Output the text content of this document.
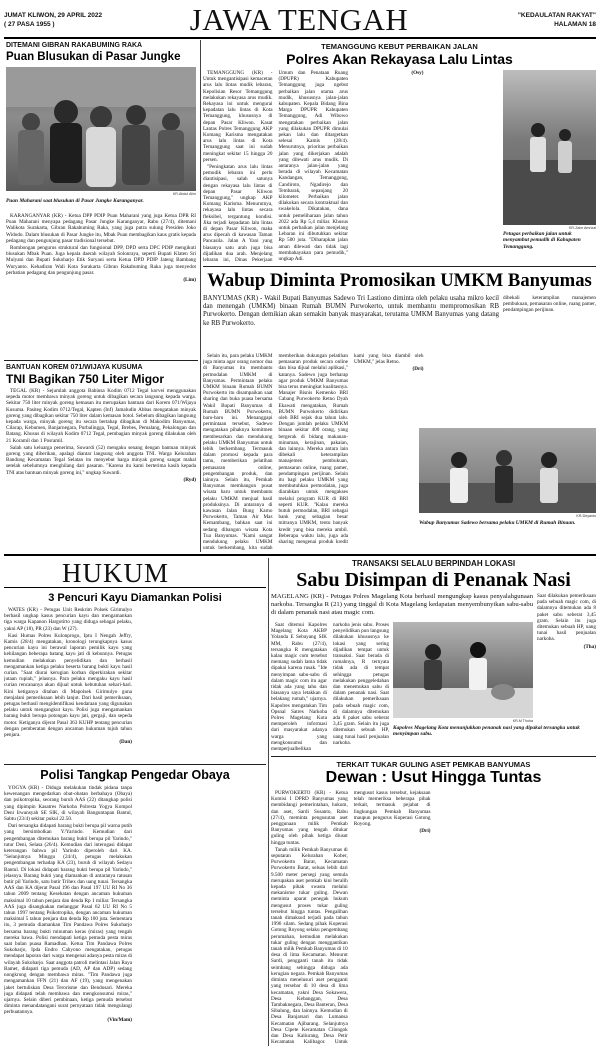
JUMAT KLIWON, 29 APRIL 2022
( 27 PASA 1955 )	JAWA TENGAH	"KEDAULATAN RAKYAT"
HALAMAN 18
DITEMANI GIBRAN RAKABUMING RAKA
Puan Blusukan di Pasar Jungke
KR-Abdul Alim
Puan Maharani saat blusukan di Pasar Jungke Karanganyar.

KARANGANYAR (KR) - Ketua DPP PDIP Puan Maharani yang juga Ketua DPR RI Puan Maharani menyapa pedagang Pasar Jungke Karanganyar, Rabu (27/4), ditemani Walikota Surakarta, Gibran Rakabuming Raka, yang juga putra sulung Presiden Joko Widodo. Dalam blusukan di Pasar Jungke itu, Mbak Puan membagikan kaus gratis kepada pedagang dan pengunjung pasar tradisional tersebut.

Rombongan pengurus struktural dan fungsional DPP, DPD serta DPC PDIP mengikuti blusukan Mbak Puan. Juga kepala daerah wilayah Solonraya, seperti Bupati Klaten Sri Mulyani dan Bupati Sukoharjo Etik Suryani serta Ketua DPD PDIP Jateng Bambang Wuryanto. Kehadiran Wali Kota Surakarta Gibran Rakabuming Raka juga menyedot perhatian pedagang dan pengunjung pasar.

(Lim)
BANTUAN KOREM 071/WIJAYA KUSUMA
TNI Bagikan 750 Liter Migor

TEGAL (KR) - Sejumlah anggota Babinsa Kodim 0712 Tegal korvei menggunakan sepeda motor membawa minyak goreng untuk dibagikan secara langsung kepada warga. Sekitar 750 liter minyak goreng kemasan itu merupakan bantuan dari Korem 071/Wijaya Kusuma. Pasiteg Kodim 0712/Tegal, Kapten (Inf) Jamaludin Abbas mengatakan minyak goreng yang dibagikan sekitar 750 liter dalam kemasan botol. Sebelum dibagikan langsung kepada warga, minyak goreng itu secara bertahap dibagikan di Makodim Banyumas, Cilacap, Kebumen, Banjarnegara, Purbalingga, Tegal, Brebes, Pemalang, Pekalongan dan Batang. Khusus di wilayah Kodim 0712 Tegal, pembagian minyak goreng dilakukan oleh 21 Koramil dan 1 Posramil.

Salah satu keluarga penerima, Suwardi (52) mengaku senang dengan bantuan minyak goreng yang diberikan, apalagi diantar langsung oleh anggota TNI. Warga Kelurahan Bandung Kecamatan Tegal Selatan itu menyebut harga minyak goreng sangat mahal setelah sebelumnya menghilang dari pasaran. "Karena itu kami berterima kasih kepada TNI atas bantuan minyak goreng ini," ungkap Suwardi.

(Ryd)
TEMANGGUNG KEBUT PERBAIKAN JALAN
Polres Akan Rekayasa Lalu Lintas

TEMANGGUNG (KR) - Untuk mengantisipasi kemacetan arus lalu lintas mudik lebaran, Kepolisian Resor Temanggung melakukan rekayasa arus mudik. Rekayasa ini untuk mengurai kepadatan lalu lintas di Kota Temanggung, khususnya di depan Pasar Kliwon. Kasat Lantas Polres Temanggung AKP Komang Karisma mengatakan arus lalu lintas di Kota Temanggung saat ini sudah meningkat sekitar 15 hingga 20 persen.

"Peningkatan arus lalu lintas pemudik lebaran ini perlu diantisipasi, salah satunya dengan rekayasa lalu lintas di depan Pasar Kliwon Temanggung," ungkap AKP Komang Karisma. Menurutnya, rekayasa lalu lintas secara fleksibel, tergantung kondisi. Jika terjadi kepadatan lalu lintas di depan Pasar Kliwon, maka arus dipecah di kawasan Taman Pancasila. Jalan A Yani yang biasanya satu arah juga bisa dijadikan dua arah. Menjelang lebaran ini, Dinas Pekerjaan Umum dan Penataan Ruang (DPUPR) Kabupaten Temanggung juga ngebut perbaikan jalan utama arus mudik, khususnya jalan-jalan kabupaten. Kepala Bidang Bina Marga DPUPR Kabupaten Temanggung, Adi Wibowo mengatakan perbaikan jalan yang dilakukan DPUPR dimulai pekan lalu dan ditargetkan selesai Kamis (28/4). Menurutnya, prioritas perbaikan jalan yang dikerjakan adalah yang dilewati arus mudik. Di antaranya jalan-jalan yang berada di wilayah Kecamatan Kandangan, Temanggung, Candiroto, Ngadirejo dan Tembarak, sepanjang 20 kilometer. Perbaikan jalan dilakukan secara kontraktual dan swakelola. Dikatakan, dana untuk pemeliharaan jalan tahun 2022 ada Rp 5,4 miliar. Khusus untuk perbaikan jalan menjelang Lebaran ini dibutuhkan sekitar Rp 500 juta. "Diharapkan jalan aman dilewati dan tidak lagi membahayakan para pemudik," ungkap Adi.

(Osy)
KR-Zaim Amrizal
Petugas perbaikan jalan untuk menyambut pemudik di Kabupaten Temanggung.
Wabup Diminta Promosikan UMKM Banyumas
BANYUMAS (KR) - Wakil Bupati Banyumas Sadewo Tri Lastiono diminta oleh pelaku usaha mikro kecil dan menengah (UMKM) binaan Rumah BUMN Purwokerto, untuk membantu mempromosikan RB Purwokerto. Dengan demikian akan semakin banyak masyarakat, terutama UMKM Banyumas yang datang ke RB Purwokerto.

Selain itu, para pelaku UMKM juga minta agar orang nomor dua di Banyumas itu membantu permodalan UMKM di Banyumas. Permintaan pelaku UMKM binaan Rumah BUMN Purwokerto itu disampaikan saat sharing dan buka puasa bersama Wakil Bupati Banyumas di Rumah BUMN Purwokerto, baru-baru ini. Menanggapi permintaan tersebut, Sadewo mengatakan pihaknya komitmen membesarkan dan mendukung pelaku UMKM Banyumas untuk lebih berkembang. Termasuk dalam promosi kepada para tamu, memberikan pelatihan pemasaran online, pengembangan produk, dan lainnya. Selain itu, Pemkab Banyumas membangun pusat wisata baru untuk membantu pelaku UMKM menjual hasil produksinya. Di antaranya di kawasan Jalan Bung Karno Purwokerto, Taman Air Mas Kemambang, bahkan saat ini sedang dibangun wisata Kota Tua Banyumas. "Kami sangat mendukung pelaku UMKM untuk berkembang, kita sudah memberikan dukungan pelatihan pemasaran produk secara online dan bisa dijual melalui aplikasi," katanya. Sadewo juga berharap agar produk UMKM Banyumas bisa terus meningkat kualitasnya. Manajer Bisnis Kemenko BRI Cabang Purwokerto Retno Dyah Ekawati mengatakan, Rumah BUMN Purwokerto didirikan oleh BRI sejak dua tahun lalu. Dengan jumlah pelaku UMKM binaan sekitar 400 orang, yang bergerak di bidang makanan-minuman, kerajinan, pakaian, dan lainnya. Mereka antara lain dibekali keterampilan manajemen pembukuan, pemasaran online, ruang pamer, pendampingan perijinan. Selain itu bagi pelaku UMKM yang membutuhkan permodalan, juga diarahkan untuk mengakses melalui program KUR di BRI seperti KUR. "Kalau mereka butuh permodalan, BRI sebagai bank yang sebagian besar mitranya UMKM, tentu banyak kredit yang bisa mereka ambil. Beberapa waktu lalu, juga ada sharing mengenai produk kredit kami yang bisa diambil oleh UMKM," jelas Retno.

(Dri)

dibekali keterampilan manajemen pembukuan, pemasaran online, ruang pamer, pendampingan perijinan.

KR-Driyanto
Wabup Banyumas Sadewo bersama pelaku UMKM di Rumah Binaan.
HUKUM
3 Pencuri Kayu Diamankan Polisi

WATES (KR) - Petugas Unit Reskrim Polsek Girimulyo berhasil ungkap kasus pencurian kayu dan mengamankan tiga warga Kapanon Hargotirto yang diduga sebagai pelaku, yakni AP (18), PR (23) dan W (27).

Kasi Humas Polres Kulonprogo, Iptu I Nengah Jeffry, Kamis (28/4) mengatakan, kronologi terungkapnya kasus pencurian kayu ini berawal laporan pemilik kayu yang kehilangan beberapa batang kayu jati di kebunnya. Petugas kemudian melakukan penyelidikan dan berhasil mengamankan ketiga pelaku beserta barang bukti kayu hasil curian. "Saat diurai kerugian korban diperkirakan sekitar jutaan rupiah," jelasnya. Para pelaku mengaku kayu hasil curian rencananya akan dijual untuk kebutuhan sehari-hari. Kini ketiganya ditahan di Mapolsek Girimulyo guna menjalani pemeriksaan lebih lanjut. Dari hasil pemeriksaan, petugas berhasil mengidentifikasi kendaraan yang digunakan pelaku untuk mengangkut kayu. Polisi juga mengamankan barang bukti berupa potongan kayu jati, gergaji, dan sepeda motor. Ketiganya dijerat Pasal 363 KUHP tentang pencurian dengan pemberatan dengan ancaman hukuman tujuh tahun penjara.

(Dan)
Polisi Tangkap Pengedar Obaya

YOGYA (KR) - Diduga melakukan tindak pidana tanpa kewenangan mengedarkan obat-obatan berbahaya (Obaya) dan psikotropika, seorang buruh AAS (22) ditangkap polisi yang dipimpin Kasatres Narkoba Polresta Yogya Kompol Deni Irwansyah SE SIK, di wilayah Banguntapan Bantul, Sabtu (23/4) sekitar pukul 22.50.

Dari tersangka didapati barang bukti berupa pil warna putih yang bersimbolkan Y/Yarindo. Kemudian dari pengembangan ditemukan barang bukti berupa pil Yarindo," tutur Deni, Selasa (26/4). Kemudian dari interogasi didapat keterangan bahwa pil Yarindo diperoleh dari KA. "Selanjutnya Minggu (24/4), petugas melakukan pengembangan terhadap KA (23), buruh di wilayah Sedayu Bantul. Di lokasi didapati barang bukti berupa pil Yarindo," jelasnya. Barang bukti yang diamankan di antaranya ratusan butir pil Yarindo, satu butir Trihex dan uang tunai. Tersangka AAS dan KA dijerat Pasal 196 dan Pasal 197 UU RI No 36 tahun 2009 tentang Kesehatan dengan ancaman hukuman maksimal 10 tahun penjara dan denda Rp 1 miliar. Tersangka AAS juga disangkakan melanggar Pasal 62 UU RI No 5 tahun 1997 tentang Psikotropika, dengan ancaman hukuman maksimal 5 tahun penjara dan denda Rp 100 juta. Sementara itu, 3 pemuda diamankan Tim Pandawa Polres Sukoharjo bersama barang bukti minuman keras (miras) yang tengah mereka bawa. Polisi mendapati ketiga pemuda pesta miras saat bulan puasa Ramadhan. Ketua Tim Pandawa Polres Sukoharjo, Ipda Endro Cahyono mengatakan, petugas mendapat laporan dari warga mengenai adanya pesta miras di wilayah Sukoharjo. Saat anggota patroli melintasi Jalan Raya Bamet, didapati tiga pemuda (AD, AP dan ADP) sedang nongkrong dengan membawa miras. "Tim Pandawa juga mengamankan FFN (21) dan AF (19), yang mengenakan jaket bertuliskan Desa Terorisme dan Bendosari. Mereka juga didapati telah membawa dan mengkonsumsi miras," ujarnya. Selain diberi pembinaan, ketiga pemuda tersebut diminta menandatangani surat pernyataan tidak mengulangi perbuatannya.

(Vin/Mam)
TRANSAKSI SELALU BERPINDAH LOKASI
Sabu Disimpan di Penanak Nasi
MAGELANG (KR) - Petugas Polres Magelang Kota berhasil mengungkap kasus penyalahgunaan narkoba. Tersangka R (21) yang tinggal di Kota Magelang kedapatan menyembunyikan sabu-sabu di dalam penanak nasi atau magic com.

Saat ditemui Kapolres Magelang Kota AKBP Yolanda E Sebayang SIK MM, Rabu (27/4), tersangka R mengatakan kalau magic com tersebut memang sudah lama tidak dipakai karena rusak. "Ide menyimpan sabu-sabu di dalam magic com itu agar tidak ada yang tahu dan biasanya saya letakkan di belakang rumah," ujarnya. Kapolres mengatakan Tim Opsnal Satres Narkoba Polres Magelang Kota memperoleh informasi dari masyarakat adanya warga yang mengkonsumsi dan memperjualbelikan narkoba jenis sabu. Proses penyelidikan pun langsung dilakukan khususnya ke lokasi yang sering dijadikan tempat untuk transaksi. Saat berada di rumahnya, R ternyata tidak ada di tempat sehingga petugas melakukan penggeledahan dan menemukan sabu di dalam penanak nasi. Saat dilakukan pemeriksaan pada sebuah magic com, di dalamnya ditemukan ada 8 paket sabu seberat 3,45 gram. Selain itu juga ditemukan sebuah HP, uang tunai hasil penjualan narkoba.

Saat dilakukan pemeriksaan pada sebuah magic com, di dalamnya ditemukan ada 8 paket sabu seberat 3,45 gram. Selain itu juga ditemukan sebuah HP, uang tunai hasil penjualan narkoba.

(Tha)
KR-M Thoha
Kapolres Magelang Kota menunjukkan penanak nasi yang dipakai tersangka untuk menyimpan sabu.
TERKAIT TUKAR GULING ASET PEMKAB BANYUMAS
Dewan : Usut Hingga Tuntas

PURWOKERTO (KR) - Ketua Komisi I DPRD Banyumas yang membidangi pemerintahan, hukum, dan aset, Sardi Susanto, Rabu (27/4), meminta pengusutan aset penggunaan milik Pemkab Banyumas yang tengah ditukar guling oleh pihak ketiga diusut hingga tuntas.

Tanah milik Pemkab Banyumas di seputaran Kelurahan Kober, Purwokerto Barat, Kecamatan Purwokerto Barat, seluas lebih dari 9.500 meter persegi yang semula merupakan aset pemkab kini beralih kepada pihak swasta melalui mekanisme tukar guling. Dewan meminta aparat penegak hukum mengusut proses tukar guling tersebut hingga tuntas. Pengalihan tanah dimaksud terjadi pada tahun 1996 silam. Sedang pihak Koperasi Gotong Royong selaku pengembang perumahan, kemudian melakukan tukar guling dengan menggantikan tanah milik Pemkab Banyumas di 10 desa di lima Kecamatan. Menurut Sardi, pengganti tanah itu tidak seimbang sehingga diduga ada kerugian negara. Pemkab Banyumas diminta menelusuri aset pengganti yang tersebar di 10 desa di lima kecamatan, yakni Desa Sokawera, Desa Kebanggan, Desa Tambaknegara, Desa Banteran, Desa Sibalung, dan lainnya. Kemudian di Desa Banjarsari dan Lumansa Kecamatan Ajibarang. Selanjutnya Desa Cipete Kecamatan Cilongok dan Desa Kaliurang, Desa Petir Kecamatan Kalibagor. Untuk mengusut kasus tersebut, kejaksaan telah memeriksa beberapa pihak terkait, termasuk pejabat di lingkungan Pemkab Banyumas maupun pengurus Koperasi Gotong Royong.

(Dri)
